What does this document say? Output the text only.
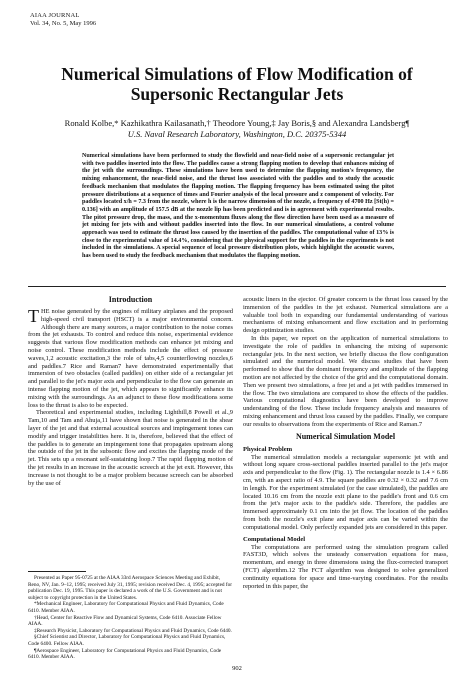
AIAA JOURNAL
Vol. 34, No. 5, May 1996
Numerical Simulations of Flow Modification of
Supersonic Rectangular Jets
Ronald Kolbe,* Kazhikathra Kailasanath,† Theodore Young,‡ Jay Boris,§ and Alexandra Landsberg¶
U.S. Naval Research Laboratory, Washington, D.C. 20375-5344
Numerical simulations have been performed to study the flowfield and near-field noise of a supersonic rectangular jet with two paddles inserted into the flow. The paddles cause a strong flapping motion to develop that enhances mixing of the jet with the surroundings. These simulations have been used to determine the flapping motion's frequency, the mixing enhancement, the near-field noise, and the thrust loss associated with the paddles and to study the acoustic feedback mechanism that modulates the flapping motion. The flapping frequency has been estimated using the pitot pressure distributions at a sequence of times and Fourier analysis of the local pressure and z component of velocity. For paddles located x/h = 7.3 from the nozzle, where h is the narrow dimension of the nozzle, a frequency of 4700 Hz [St(h) = 0.136] with an amplitude of 157.5 dB at the nozzle lip has been predicted and is in agreement with experimental results. The pitot pressure drop, the mass, and the x-momentum fluxes along the flow direction have been used as a measure of jet mixing for jets with and without paddles inserted into the flow. In our numerical simulations, a control volume approach was used to estimate the thrust loss caused by the insertion of the paddles. The computational value of 13% is close to the experimental value of 14.4%, considering that the physical support for the paddles in the experiments is not included in the simulations. A special sequence of local pressure distribution plots, which highlight the acoustic waves, has been used to study the feedback mechanism that modulates the flapping motion.
Introduction

THE noise generated by the engines of military airplanes and the proposed high-speed civil transport (HSCT) is a major environmental concern. Although there are many sources, a major contribution to the noise comes from the jet exhausts. To control and reduce this noise, experimental evidence suggests that various flow modification methods can enhance jet mixing and noise control. These modification methods include the effect of pressure waves,1,2 acoustic excitation,3 the role of tabs,4,5 counterflowing nozzles,6 and paddles.7 Rice and Raman7 have demonstrated experimentally that immersion of two obstacles (called paddles) on either side of a rectangular jet and parallel to the jet's major axis and perpendicular to the flow can generate an intense flapping motion of the jet, which appears to significantly enhance its mixing with the surroundings. As an adjunct to these flow modifications some loss to the thrust is also to be expected.

Theoretical and experimental studies, including Lighthill,8 Powell et al.,9 Tam,10 and Tam and Ahuja,11 have shown that noise is generated in the shear layer of the jet and that external acoustical sources and impingement tones can modify and trigger instabilities here. It is, therefore, believed that the effect of the paddles is to generate an impingement tone that propagates upstream along the outside of the jet in the subsonic flow and excites the flapping mode of the jet. This sets up a resonant self-sustaining loop.7 The rapid flapping motion of the jet results in an increase in the acoustic screech at the jet exit. However, this increase is not thought to be a major problem because screech can be absorbed by the use of

Presented as Paper 95-0725 at the AIAA 33rd Aerospace Sciences Meeting and Exhibit, Reno, NV, Jan. 9–12, 1995; received July 31, 1995; revision received Dec. 4, 1995; accepted for publication Dec. 19, 1995. This paper is declared a work of the U.S. Government and is not subject to copyright protection in the United States.

*Mechanical Engineer, Laboratory for Computational Physics and Fluid Dynamics, Code 6410. Member AIAA.

†Head, Center for Reactive Flow and Dynamical Systems, Code 6410. Associate Fellow AIAA.

‡Research Physicist, Laboratory for Computational Physics and Fluid Dynamics, Code 6440.

§Chief Scientist and Director, Laboratory for Computational Physics and Fluid Dynamics, Code 6400. Fellow AIAA.

¶Aerospace Engineer, Laboratory for Computational Physics and Fluid Dynamics, Code 6410. Member AIAA.

acoustic liners in the ejector. Of greater concern is the thrust loss caused by the immersion of the paddles in the jet exhaust. Numerical simulations are a valuable tool both in expanding our fundamental understanding of various mechanisms of mixing enhancement and flow excitation and in performing design optimization studies.

In this paper, we report on the application of numerical simulations to investigate the role of paddles in enhancing the mixing of supersonic rectangular jets. In the next section, we briefly discuss the flow configuration simulated and the numerical model. We discuss studies that have been performed to show that the dominant frequency and amplitude of the flapping motion are not affected by the choice of the grid and the computational domain. Then we present two simulations, a free jet and a jet with paddles immersed in the flow. The two simulations are compared to show the effects of the paddles. Various computational diagnostics have been developed to improve understanding of the flow. These include frequency analysis and measures of mixing enhancement and thrust loss caused by the paddles. Finally, we compare our results to observations from the experiments of Rice and Raman.7

Numerical Simulation Model
Physical Problem

The numerical simulation models a rectangular supersonic jet with and without long square cross-sectional paddles inserted parallel to the jet's major axis and perpendicular to the flow (Fig. 1). The rectangular nozzle is 1.4 × 6.86 cm, with an aspect ratio of 4.9. The square paddles are 0.32 × 0.32 and 7.6 cm in length. For the experiment simulated (or the case simulated), the paddles are located 10.16 cm from the nozzle exit plane to the paddle's front and 0.6 cm from the jet's major axis to the paddle's side. Therefore, the paddles are immersed approximately 0.1 cm into the jet flow. The location of the paddles from both the nozzle's exit plane and major axis can be varied within the computational model. Only perfectly expanded jets are considered in this paper.

Computational Model

The computations are performed using the simulation program called FAST3D, which solves the unsteady conservation equations for mass, momentum, and energy in three dimensions using the flux-corrected transport (FCT) algorithm.12 The FCT algorithm was designed to solve generalized continuity equations for space and time-varying coordinates. For the results reported in this paper, the

902
